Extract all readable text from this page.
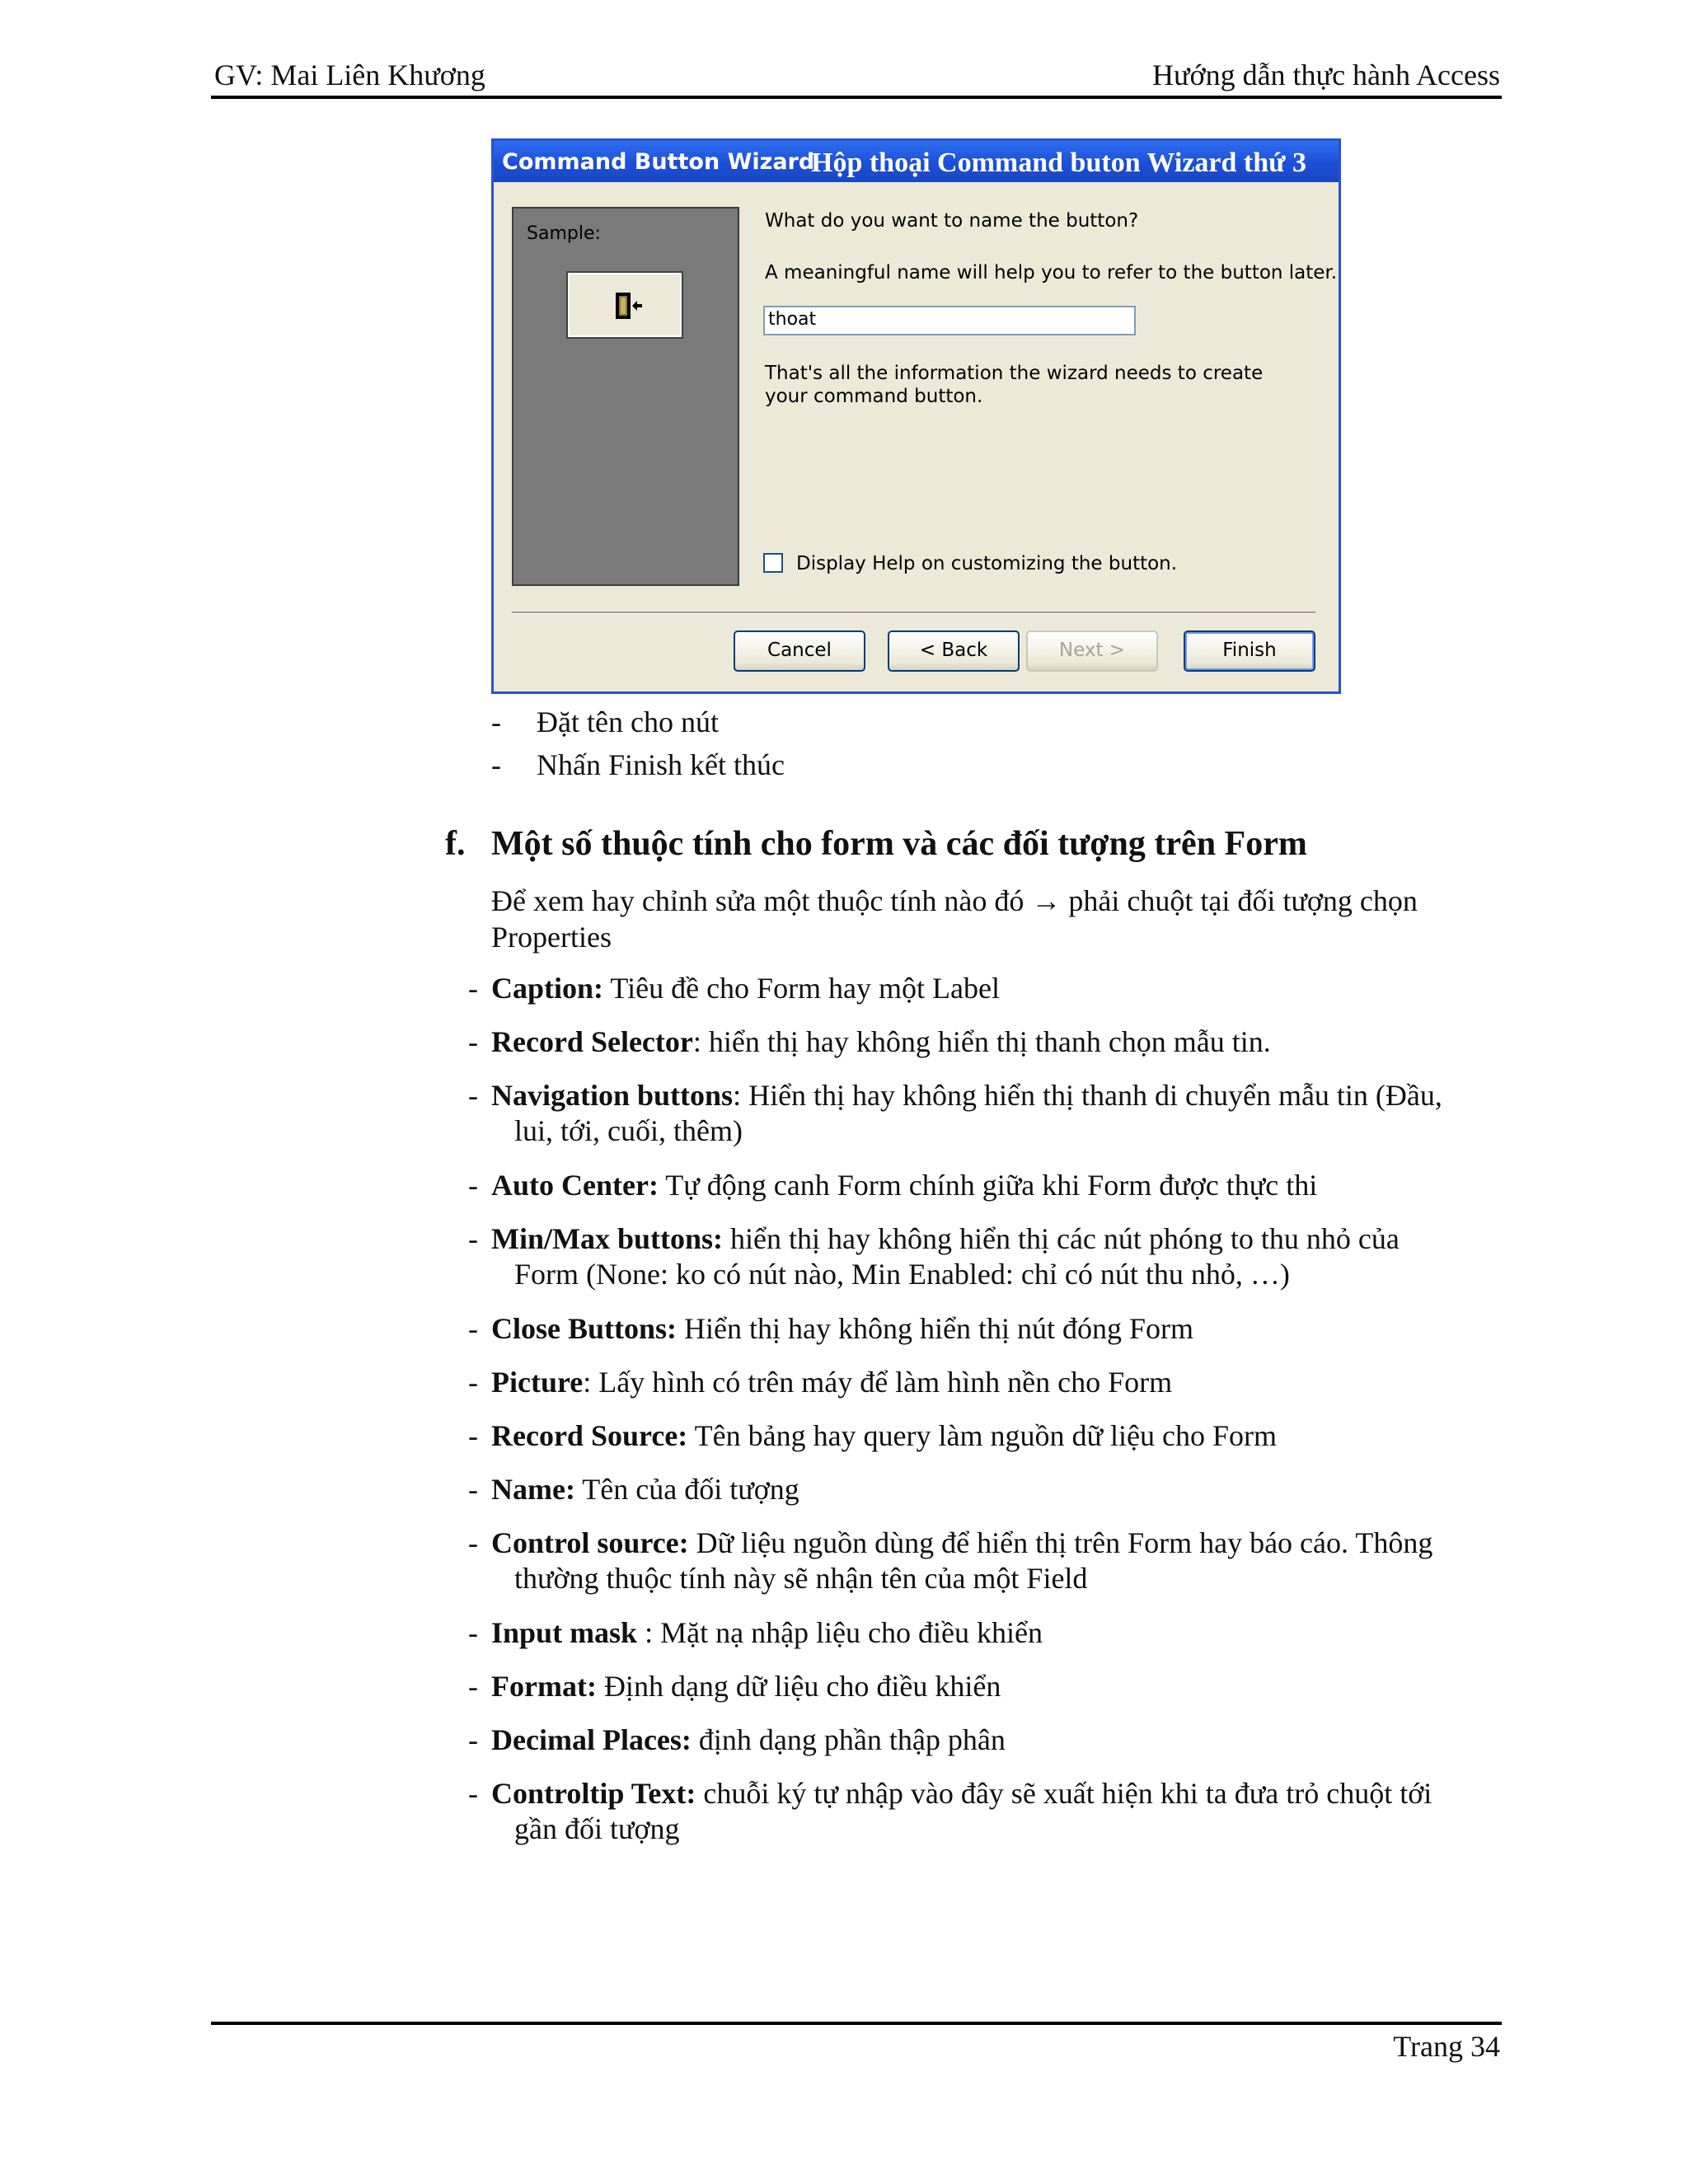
GV: Mai Liên Khương	Hướng dẫn thực hành Access
Command Button Wizard
Hộp thoại Command buton Wizard thứ 3
Sample:
What do you want to name the button?
A meaningful name will help you to refer to the button later.
thoat
That's all the information the wizard needs to create your command button.
Display Help on customizing the button.
Cancel	< Back	Next >	Finish
- Đặt tên cho nút
- Nhấn Finish kết thúc
f. Một số thuộc tính cho form và các đối tượng trên Form
Để xem hay chỉnh sửa một thuộc tính nào đó → phải chuột tại đối tượng chọn Properties
- Caption: Tiêu đề cho Form hay một Label
- Record Selector: hiển thị hay không hiển thị thanh chọn mẫu tin.
- Navigation buttons: Hiển thị hay không hiển thị thanh di chuyển mẫu tin (Đầu,
lui, tới, cuối, thêm)
- Auto Center: Tự động canh Form chính giữa khi Form được thực thi
- Min/Max buttons: hiển thị hay không hiển thị các nút phóng to thu nhỏ của
Form (None: ko có nút nào, Min Enabled: chỉ có nút thu nhỏ, …)
- Close Buttons: Hiển thị hay không hiển thị nút đóng Form
- Picture: Lấy hình có trên máy để làm hình nền cho Form
- Record Source: Tên bảng hay query làm nguồn dữ liệu cho Form
- Name: Tên của đối tượng
- Control source: Dữ liệu nguồn dùng để hiển thị trên Form hay báo cáo. Thông
thường thuộc tính này sẽ nhận tên của một Field
- Input mask : Mặt nạ nhập liệu cho điều khiển
- Format: Định dạng dữ liệu cho điều khiển
- Decimal Places: định dạng phần thập phân
- Controltip Text: chuỗi ký tự nhập vào đây sẽ xuất hiện khi ta đưa trỏ chuột tới
gần đối tượng
Trang 34
